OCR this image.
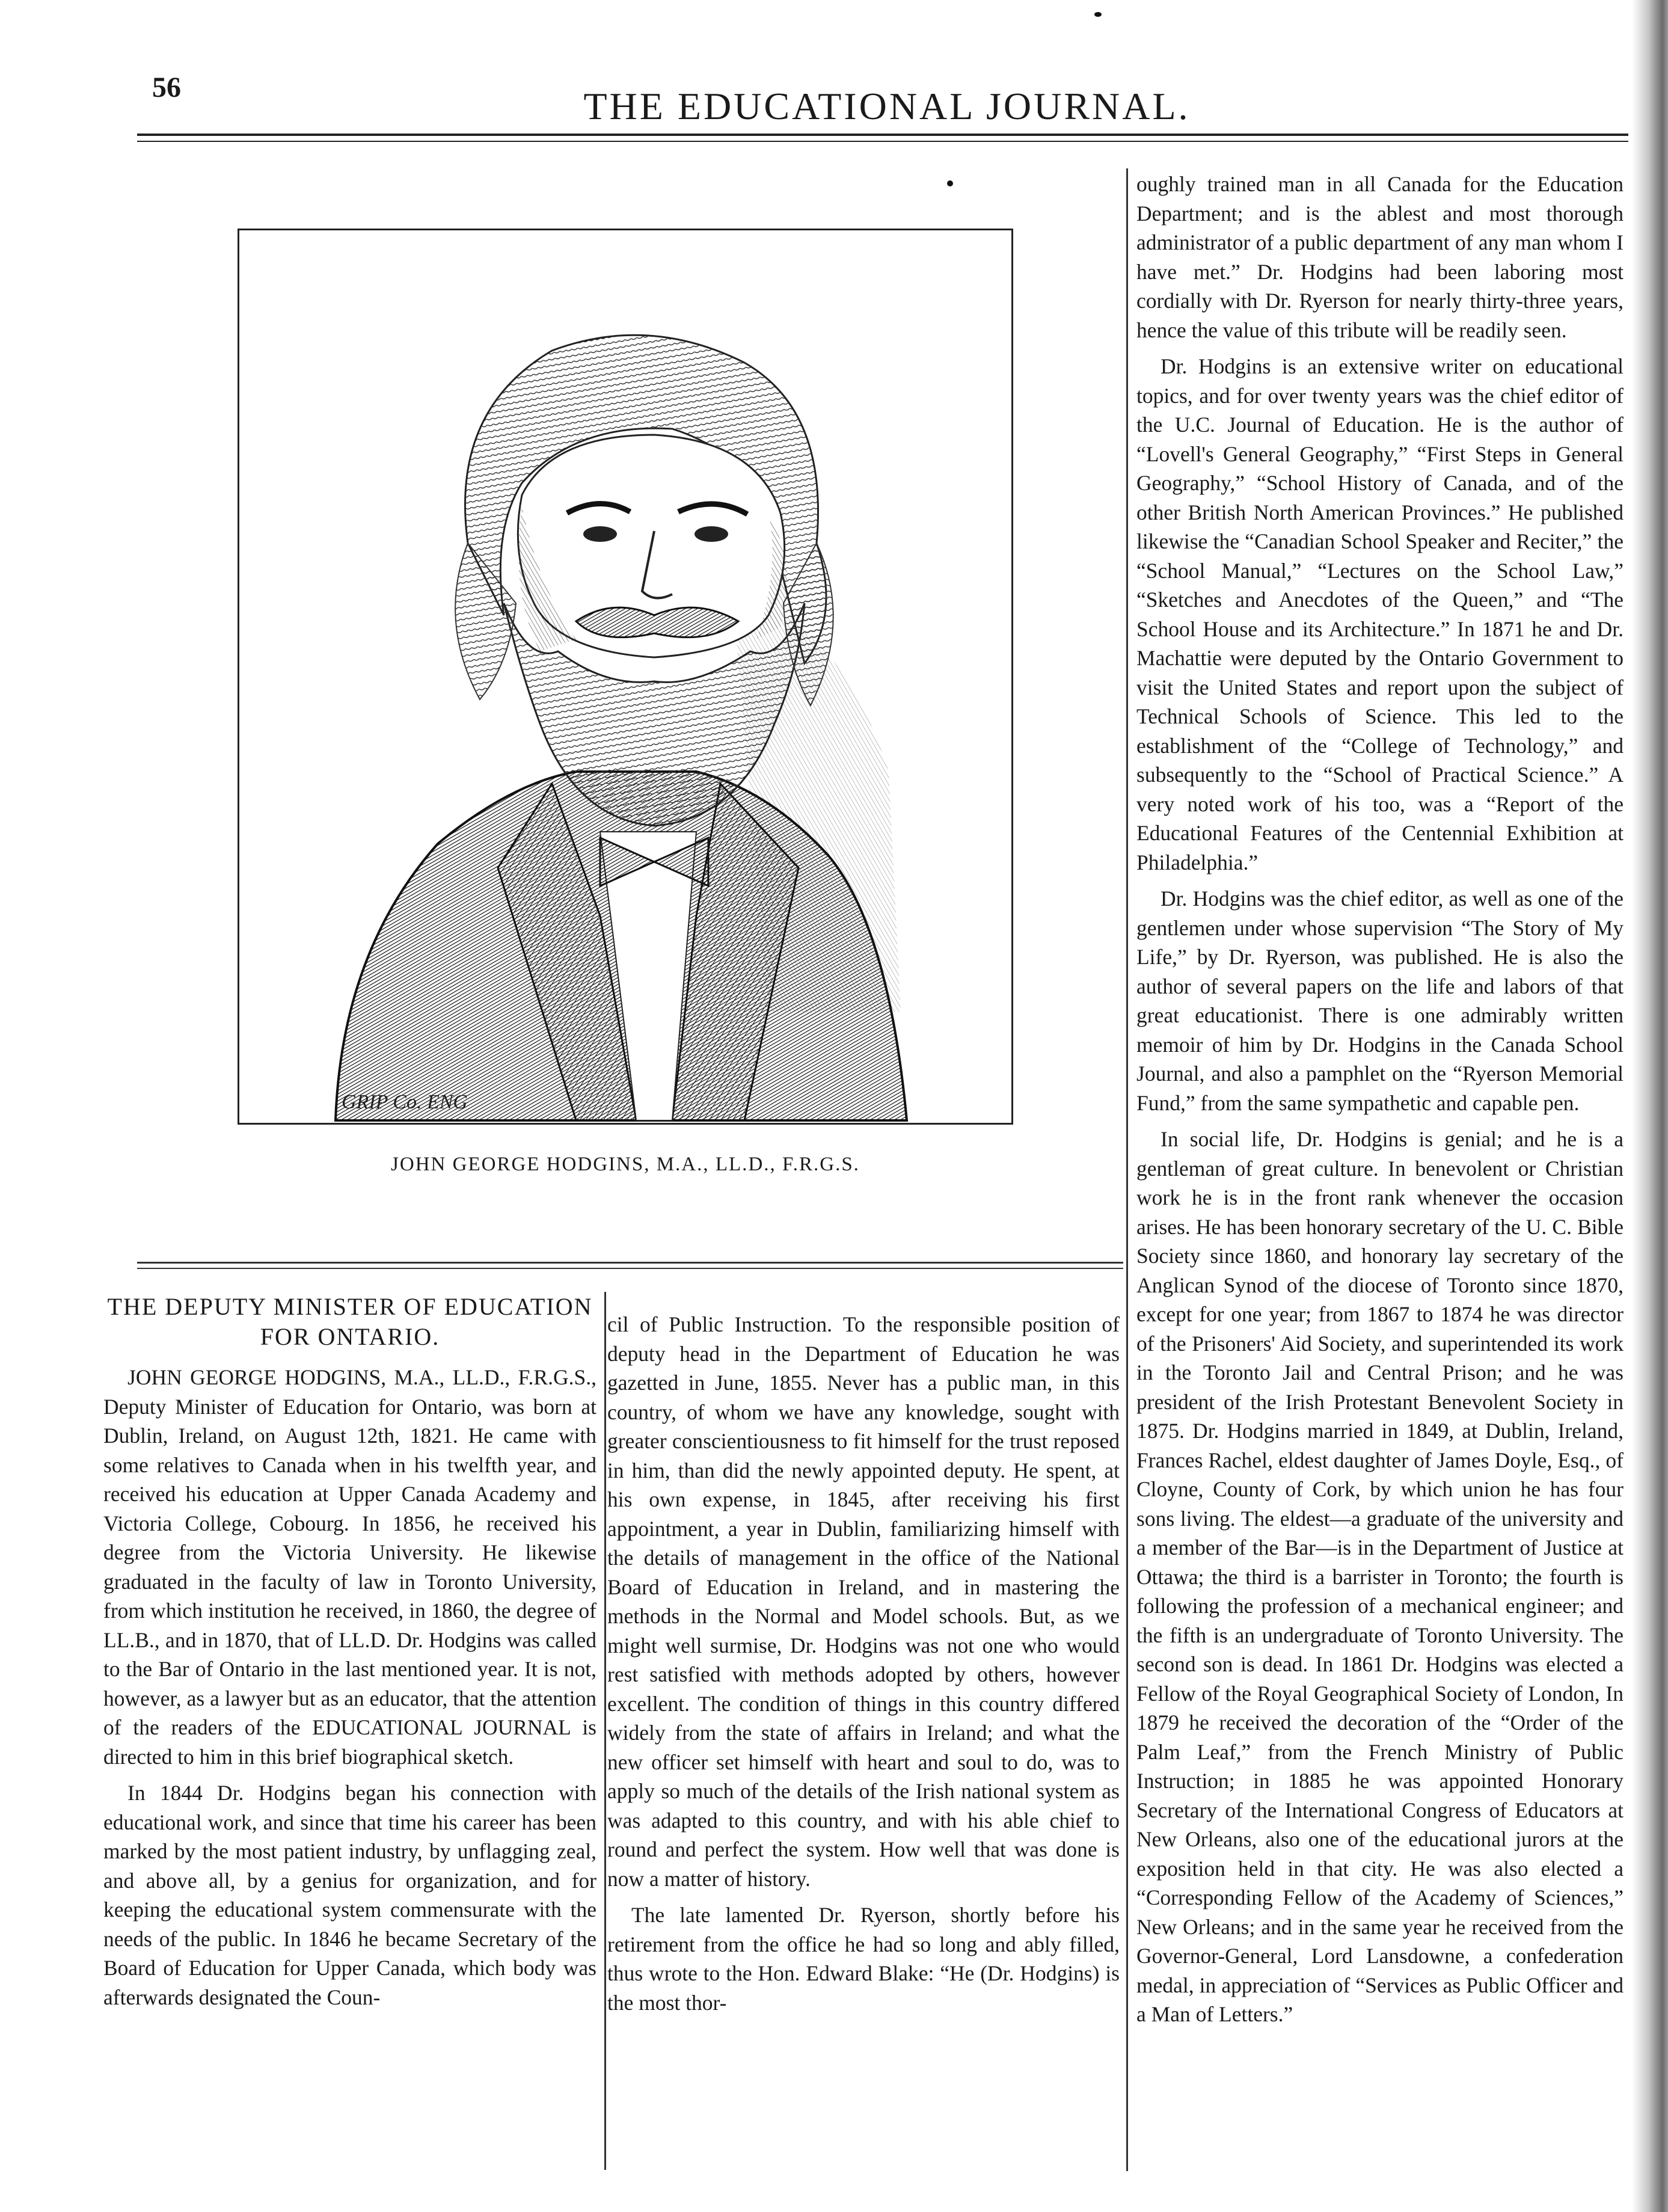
56	THE EDUCATIONAL JOURNAL.
GRIP Co. ENG
JOHN GEORGE HODGINS, M.A., LL.D., F.R.G.S.

oughly trained man in all Canada for the Education Department; and is the ablest and most thorough administrator of a public department of any man whom I have met.” Dr. Hodgins had been laboring most cordially with Dr. Ryerson for nearly thirty-three years, hence the value of this tribute will be readily seen.

Dr. Hodgins is an extensive writer on educational topics, and for over twenty years was the chief editor of the U.C. Journal of Education. He is the author of “Lovell's General Geography,” “First Steps in General Geography,” “School History of Canada, and of the other British North American Provinces.” He published likewise the “Canadian School Speaker and Reciter,” the “School Manual,” “Lectures on the School Law,” “Sketches and Anecdotes of the Queen,” and “The School House and its Architecture.” In 1871 he and Dr. Machattie were deputed by the Ontario Government to visit the United States and report upon the subject of Technical Schools of Science. This led to the establishment of the “College of Technology,” and subsequently to the “School of Practical Science.” A very noted work of his too, was a “Report of the Educational Features of the Centennial Exhibition at Philadelphia.”

Dr. Hodgins was the chief editor, as well as one of the gentlemen under whose supervision “The Story of My Life,” by Dr. Ryerson, was published. He is also the author of several papers on the life and labors of that great educationist. There is one admirably written memoir of him by Dr. Hodgins in the Canada School Journal, and also a pamphlet on the “Ryerson Memorial Fund,” from the same sympathetic and capable pen.

In social life, Dr. Hodgins is genial; and he is a gentleman of great culture. In benevolent or Christian work he is in the front rank whenever the occasion arises. He has been honorary secretary of the U. C. Bible Society since 1860, and honorary lay secretary of the Anglican Synod of the diocese of Toronto since 1870, except for one year; from 1867 to 1874 he was director of the Prisoners' Aid Society, and superintended its work in the Toronto Jail and Central Prison; and he was president of the Irish Protestant Benevolent Society in 1875. Dr. Hodgins married in 1849, at Dublin, Ireland, Frances Rachel, eldest daughter of James Doyle, Esq., of Cloyne, County of Cork, by which union he has four sons living. The eldest—a graduate of the university and a member of the Bar—is in the Department of Justice at Ottawa; the third is a barrister in Toronto; the fourth is following the profession of a mechanical engineer; and the fifth is an undergraduate of Toronto University. The second son is dead. In 1861 Dr. Hodgins was elected a Fellow of the Royal Geographical Society of London, In 1879 he received the decoration of the “Order of the Palm Leaf,” from the French Ministry of Public Instruction; in 1885 he was appointed Honorary Secretary of the International Congress of Educators at New Orleans, also one of the educational jurors at the exposition held in that city. He was also elected a “Corresponding Fellow of the Academy of Sciences,” New Orleans; and in the same year he received from the Governor-General, Lord Lansdowne, a confederation medal, in appreciation of “Services as Public Officer and a Man of Letters.”

THE DEPUTY MINISTER OF EDUCATION FOR ONTARIO.

JOHN GEORGE HODGINS, M.A., LL.D., F.R.G.S., Deputy Minister of Education for Ontario, was born at Dublin, Ireland, on August 12th, 1821. He came with some relatives to Canada when in his twelfth year, and received his education at Upper Canada Academy and Victoria College, Cobourg. In 1856, he received his degree from the Victoria University. He likewise graduated in the faculty of law in Toronto University, from which institution he received, in 1860, the degree of LL.B., and in 1870, that of LL.D. Dr. Hodgins was called to the Bar of Ontario in the last mentioned year. It is not, however, as a lawyer but as an educator, that the attention of the readers of the EDUCATIONAL JOURNAL is directed to him in this brief biographical sketch.

In 1844 Dr. Hodgins began his connection with educational work, and since that time his career has been marked by the most patient industry, by unflagging zeal, and above all, by a genius for organization, and for keeping the educational system commensurate with the needs of the public. In 1846 he became Secretary of the Board of Education for Upper Canada, which body was afterwards designated the Coun-

cil of Public Instruction. To the responsible position of deputy head in the Department of Education he was gazetted in June, 1855. Never has a public man, in this country, of whom we have any knowledge, sought with greater conscientiousness to fit himself for the trust reposed in him, than did the newly appointed deputy. He spent, at his own expense, in 1845, after receiving his first appointment, a year in Dublin, familiarizing himself with the details of management in the office of the National Board of Education in Ireland, and in mastering the methods in the Normal and Model schools. But, as we might well surmise, Dr. Hodgins was not one who would rest satisfied with methods adopted by others, however excellent. The condition of things in this country differed widely from the state of affairs in Ireland; and what the new officer set himself with heart and soul to do, was to apply so much of the details of the Irish national system as was adapted to this country, and with his able chief to round and perfect the system. How well that was done is now a matter of history.

The late lamented Dr. Ryerson, shortly before his retirement from the office he had so long and ably filled, thus wrote to the Hon. Edward Blake: “He (Dr. Hodgins) is the most thor-
